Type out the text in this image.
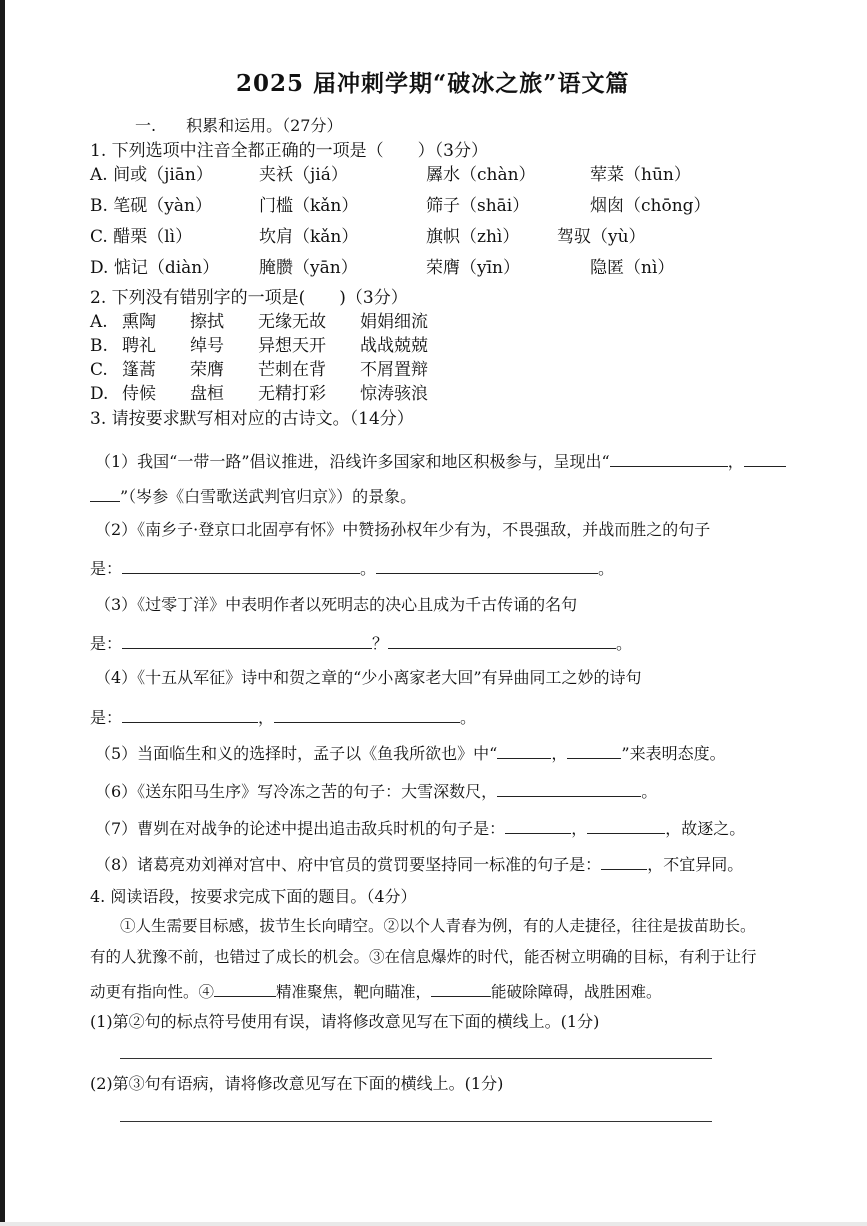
2025 届冲刺学期“破冰之旅”语文篇
一. 积累和运用。（27分）
1. 下列选项中注音全都正确的一项是（　　）（3分）
A. 间或（jiān）	夹袄（jiá）	羼水（chàn）	荤菜（hūn）
B. 笔砚（yàn）	门槛（kǎn）	筛子（shāi）	烟囱（chōng）
C. 醋栗（lì）	坎肩（kǎn）	旗帜（zhì） 驾驭（yù）
D. 惦记（diàn） 腌臜（yān）	荣膺（yīn）	隐匿（nì）
2. 下列没有错别字的一项是(　　)（3分）
A. 熏陶 擦拭 无缘无故 娟娟细流
B. 聘礼 绰号 异想天开 战战兢兢
C. 篷蒿 荣膺 芒刺在背 不屑置辩
D. 侍候 盘桓 无精打彩 惊涛骇浪
3. 请按要求默写相对应的古诗文。（14分）
（1）我国“一带一路”倡议推进，沿线许多国家和地区积极参与，呈现出“	，
”（岑参《白雪歌送武判官归京》）的景象。
（2）《南乡子·登京口北固亭有怀》中赞扬孙权年少有为，不畏强敌，并战而胜之的句子
是：	。	。
（3）《过零丁洋》中表明作者以死明志的决心且成为千古传诵的名句
是：	？	。
（4）《十五从军征》诗中和贺之章的“少小离家老大回”有异曲同工之妙的诗句
是：	，	。
（5）当面临生和义的选择时，孟子以《鱼我所欲也》中“	，	”来表明态度。
（6）《送东阳马生序》写冷冻之苦的句子：大雪深数尺，	。
（7）曹刿在对战争的论述中提出追击敌兵时机的句子是：	，	，故逐之。
（8）诸葛亮劝刘禅对宫中、府中官员的赏罚要坚持同一标准的句子是：	，不宜异同。
4. 阅读语段，按要求完成下面的题目。（4分）
①人生需要目标感，拔节生长向晴空。②以个人青春为例，有的人走捷径，往往是拔苗助长。
有的人犹豫不前，也错过了成长的机会。③在信息爆炸的时代，能否树立明确的目标，有利于让行
动更有指向性。④	精准聚焦，靶向瞄准，	能破除障碍，战胜困难。
(1)第②句的标点符号使用有误，请将修改意见写在下面的横线上。(1分)
(2)第③句有语病，请将修改意见写在下面的横线上。(1分)
